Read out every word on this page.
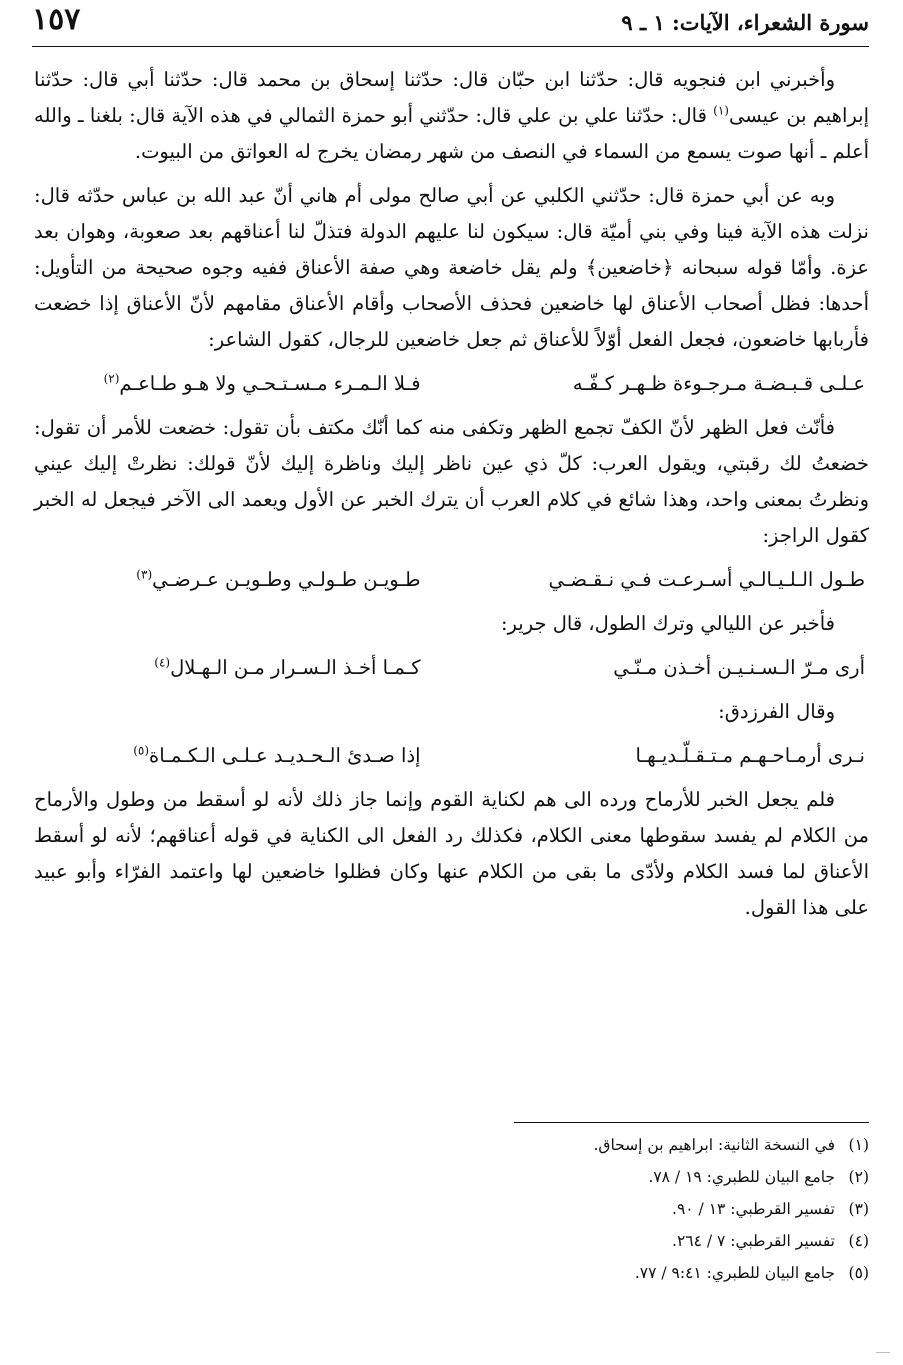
سورة الشعراء، الآيات: ١ ـ ٩
١٥٧

وأخبرني ابن فنجويه قال: حدّثنا ابن حبّان قال: حدّثنا إسحاق بن محمد قال: حدّثنا أبي قال: حدّثنا إبراهيم بن عيسى$^{(١)}$ قال: حدّثنا علي بن علي قال: حدّثني أبو حمزة الثمالي في هذه الآية قال: بلغنا ـ والله أعلم ـ أنها صوت يسمع من السماء في النصف من شهر رمضان يخرج له العواتق من البيوت.

وبه عن أبي حمزة قال: حدّثني الكلبي عن أبي صالح مولى أم هاني أنّ عبد الله بن عباس حدّثه قال: نزلت هذه الآية فينا وفي بني أميّة قال: سيكون لنا عليهم الدولة فتذلّ لنا أعناقهم بعد صعوبة، وهوان بعد عزة. وأمّا قوله سبحانه ﴿خاضعين﴾ ولم يقل خاضعة وهي صفة الأعناق ففيه وجوه صحيحة من التأويل: أحدها: فظل أصحاب الأعناق لها خاضعين فحذف الأصحاب وأقام الأعناق مقامهم لأنّ الأعناق إذا خضعت فأربابها خاضعون، فجعل الفعل أوّلاً للأعناق ثم جعل خاضعين للرجال، كقول الشاعر:

عـلـى قـبـضـة مـرجـوءة ظـهـر كـفّـه
فـلا الـمـرء مـسـتـحـي ولا هـو طـاعـم$^{(٢)}$

فأنّث فعل الظهر لأنّ الكفّ تجمع الظهر وتكفى منه كما أنّك مكتف بأن تقول: خضعت للأمر أن تقول: خضعتُ لك رقبتي، ويقول العرب: كلّ ذي عين ناظر إليك وناظرة إليك لأنّ قولك: نظرتْ إليك عيني ونظرتُ بمعنى واحد، وهذا شائع في كلام العرب أن يترك الخبر عن الأول ويعمد الى الآخر فيجعل له الخبر كقول الراجز:

طـول الـلـيـالـي أسـرعـت فـي نـقـضـي
طـويـن طـولـي وطـويـن عـرضـي$^{(٣)}$

فأخبر عن الليالي وترك الطول، قال جرير:

أرى مـرّ الـسـنـيـن أخـذن مـنّـي
كـمـا أخـذ الـسـرار مـن الـهـلال$^{(٤)}$

وقال الفرزدق:

نـرى أرمـاحـهـم مـتـقـلّـديـهـا
إذا صـدئ الـحـديـد عـلـى الـكـمـاة$^{(٥)}$

فلم يجعل الخبر للأرماح ورده الى هم لكناية القوم وإنما جاز ذلك لأنه لو أسقط من وطول والأرماح من الكلام لم يفسد سقوطها معنى الكلام، فكذلك رد الفعل الى الكناية في قوله أعناقهم؛ لأنه لو أسقط الأعناق لما فسد الكلام ولأدّى ما بقى من الكلام عنها وكان فظلوا خاضعين لها واعتمد الفرّاء وأبو عبيد على هذا القول.

(١)
في النسخة الثانية: ابراهيم بن إسحاق.
(٢)
جامع البيان للطبري: ١٩ / ٧٨.
(٣)
تفسير القرطبي: ١٣ / ٩٠.
(٤)
تفسير القرطبي: ٧ / ٢٦٤.
(٥)
جامع البيان للطبري: ٩:٤١ / ٧٧.
